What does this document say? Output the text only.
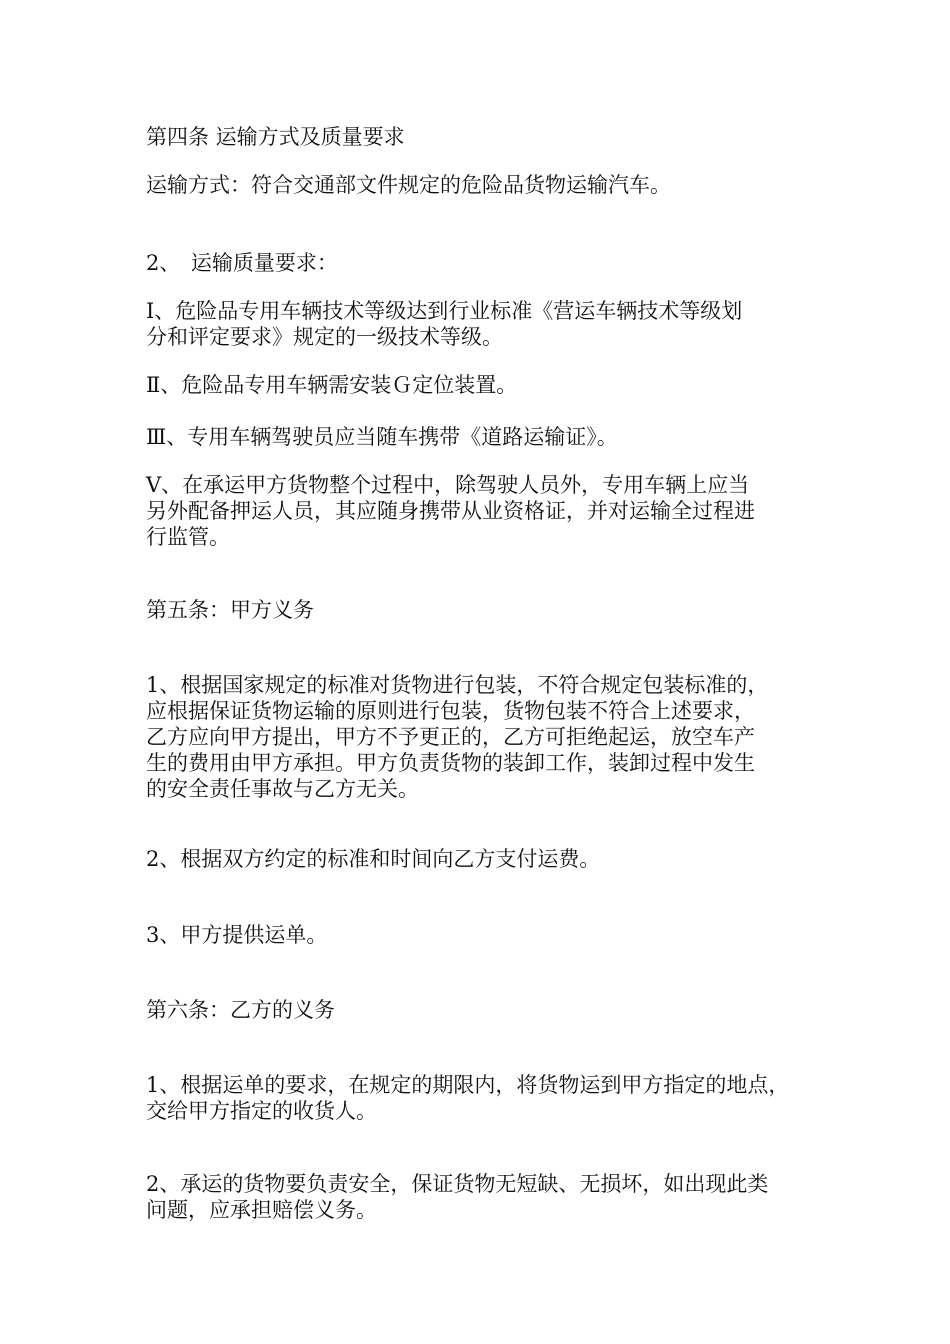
第四条 运输方式及质量要求

运输方式：符合交通部文件规定的危险品货物运输汽车。

2、　运输质量要求：

Ⅰ、危险品专用车辆技术等级达到行业标准《营运车辆技术等级划
分和评定要求》规定的一级技术等级。

Ⅱ、危险品专用车辆需安装Ｇ定位装置。

Ⅲ、专用车辆驾驶员应当随车携带《道路运输证》。

Ⅴ、在承运甲方货物整个过程中，除驾驶人员外，专用车辆上应当
另外配备押运人员，其应随身携带从业资格证，并对运输全过程进
行监管。

第五条：甲方义务

1、根据国家规定的标准对货物进行包装，不符合规定包装标准的，
应根据保证货物运输的原则进行包装，货物包装不符合上述要求，
乙方应向甲方提出，甲方不予更正的，乙方可拒绝起运，放空车产
生的费用由甲方承担。甲方负责货物的装卸工作，装卸过程中发生
的安全责任事故与乙方无关。

2、根据双方约定的标准和时间向乙方支付运费。

3、甲方提供运单。

第六条：乙方的义务

1、根据运单的要求，在规定的期限内，将货物运到甲方指定的地点，
交给甲方指定的收货人。

2、承运的货物要负责安全，保证货物无短缺、无损坏，如出现此类
问题，应承担赔偿义务。
